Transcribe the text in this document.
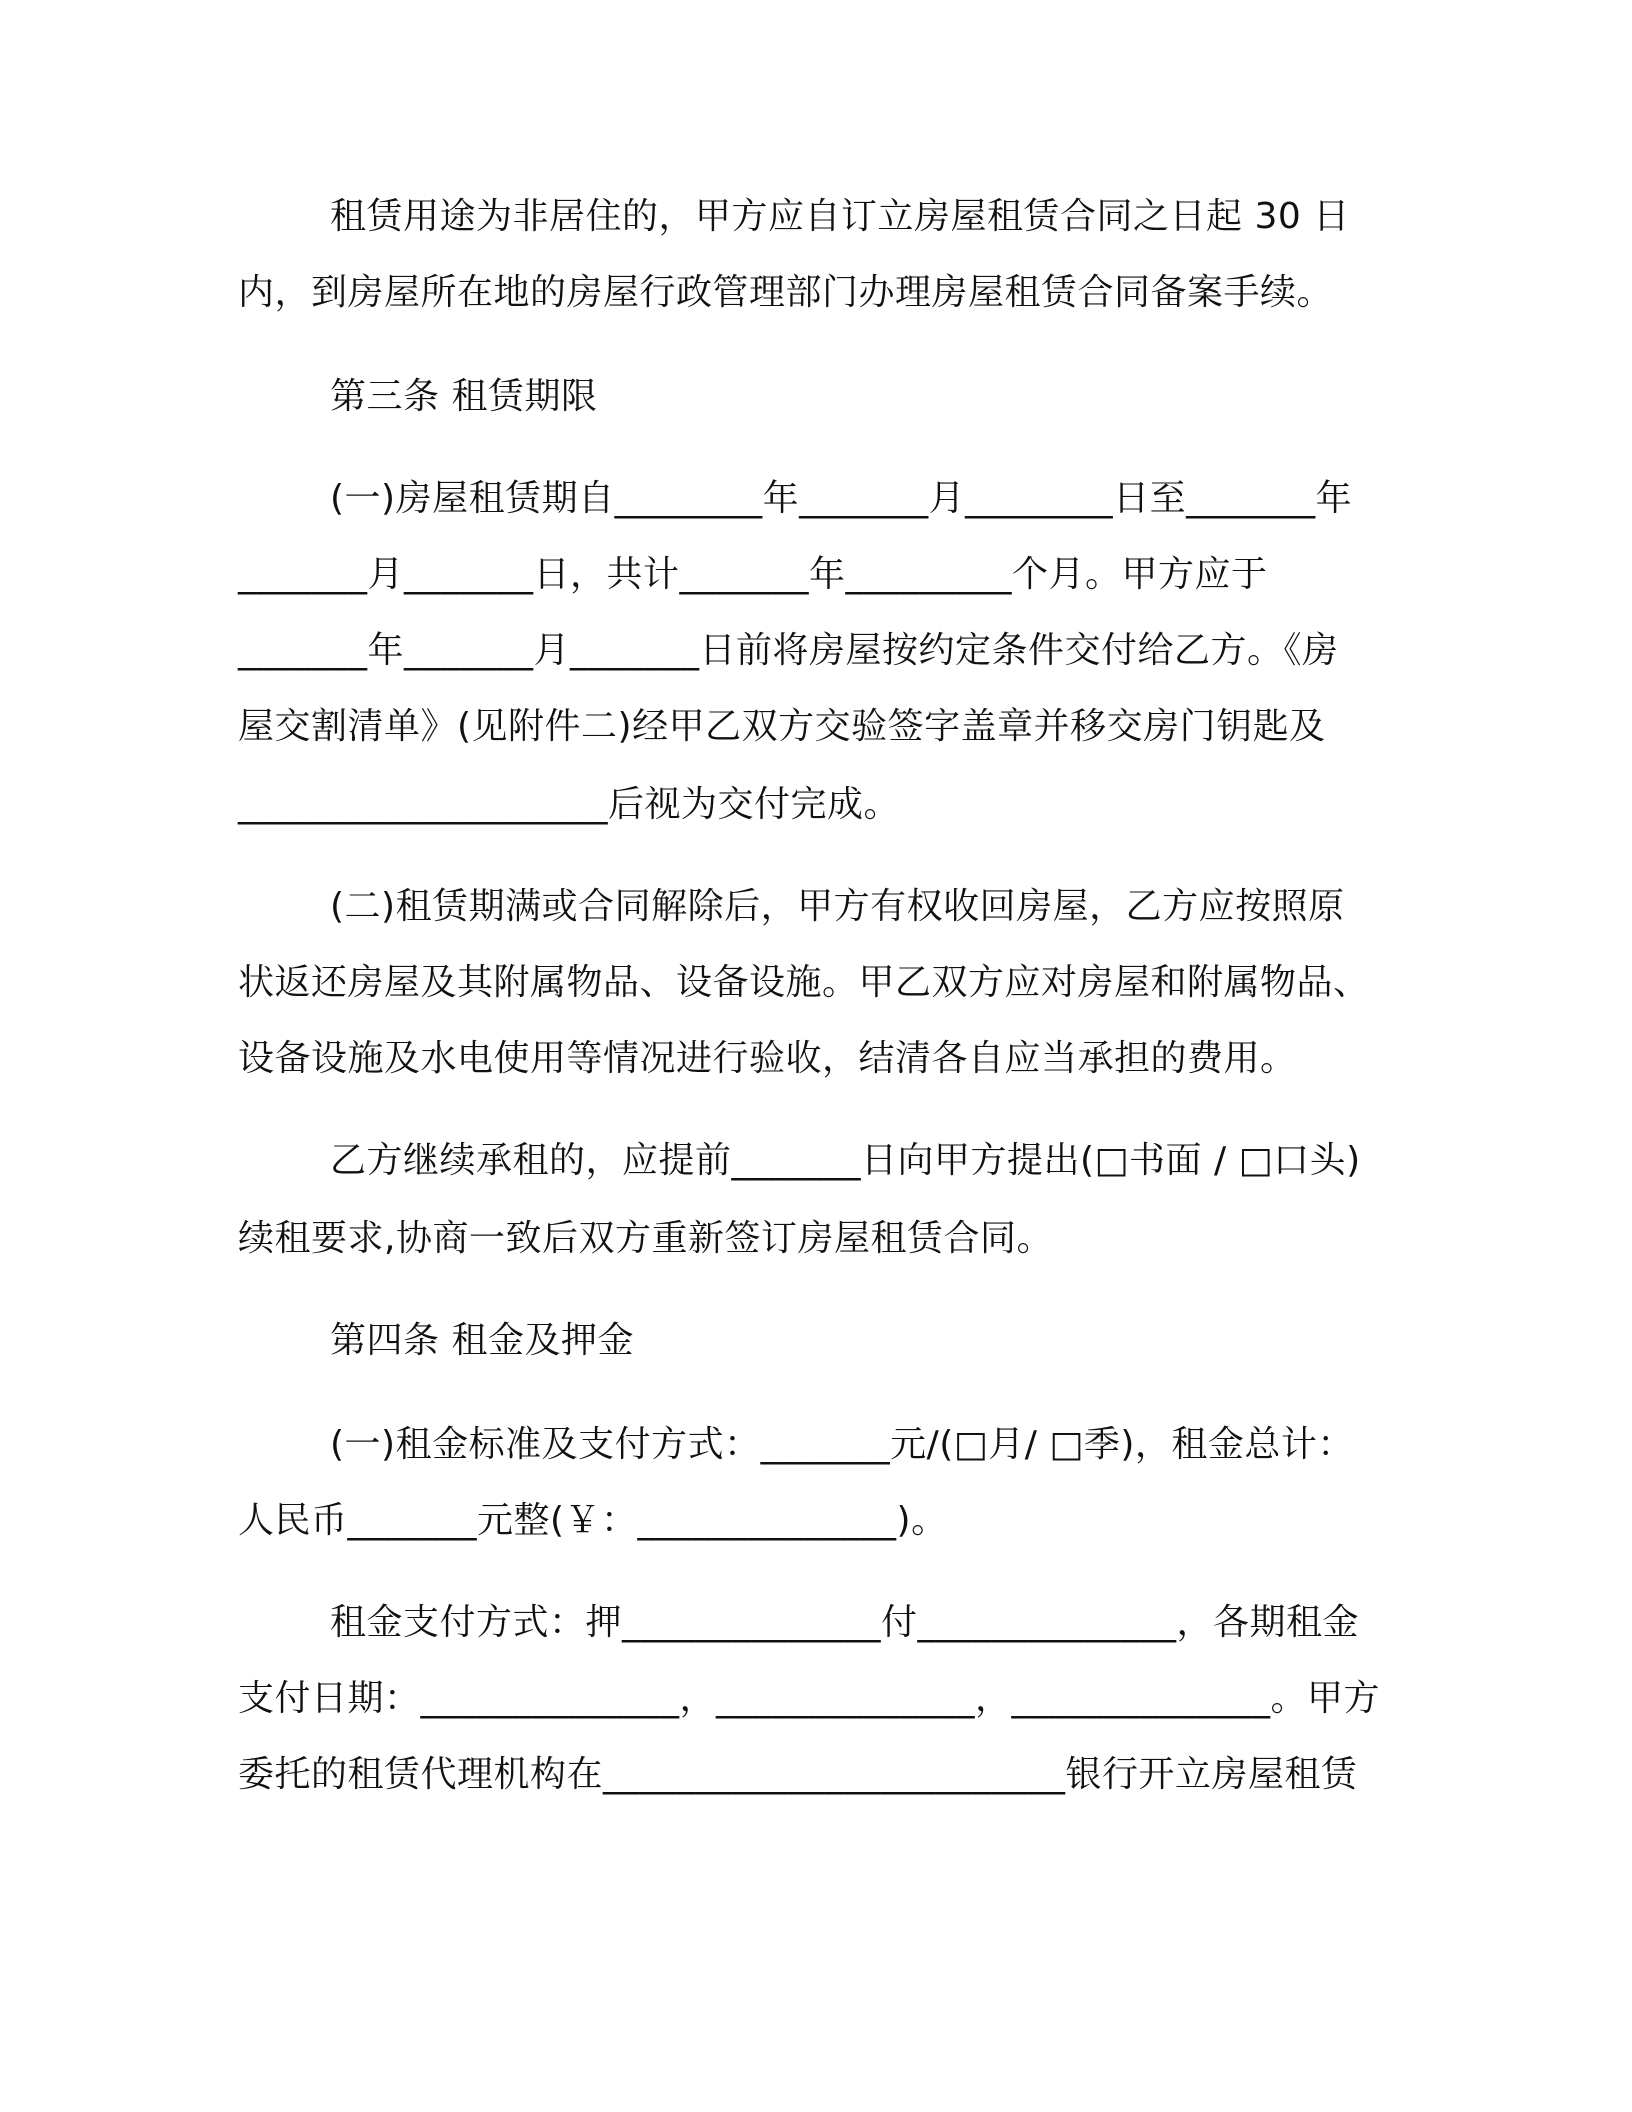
租赁用途为非居住的，甲方应自订立房屋租赁合同之日起 30 日
内，到房屋所在地的房屋行政管理部门办理房屋租赁合同备案手续。
第三条 租赁期限
(一)房屋租赁期自________年_______月________日至_______年
_______月_______日，共计_______年_________个月。甲方应于
_______年_______月_______日前将房屋按约定条件交付给乙方。《房
屋交割清单》(见附件二)经甲乙双方交验签字盖章并移交房门钥匙及
____________________后视为交付完成。
(二)租赁期满或合同解除后，甲方有权收回房屋，乙方应按照原
状返还房屋及其附属物品、设备设施。甲乙双方应对房屋和附属物品、
设备设施及水电使用等情况进行验收，结清各自应当承担的费用。
乙方继续承租的，应提前_______日向甲方提出(□书面 / □口头)
续租要求,协商一致后双方重新签订房屋租赁合同。
第四条 租金及押金
(一)租金标准及支付方式：_______元/(□月/ □季)，租金总计：
人民币_______元整(￥：______________)。
租金支付方式：押______________付______________，各期租金
支付日期：______________，______________，______________。甲方
委托的租赁代理机构在_________________________银行开立房屋租赁
